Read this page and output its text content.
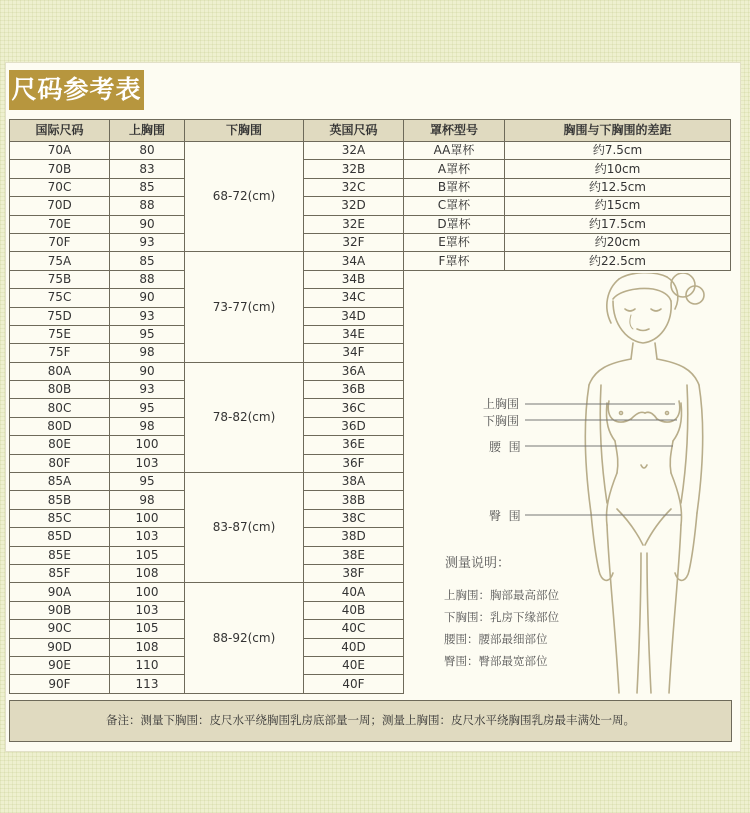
尺码参考表
国际尺码	上胸围	下胸围	英国尺码	罩杯型号	胸围与下胸围的差距
70A	80	68-72(cm)	32A	AA罩杯	约7.5cm
70B	83		32B	A罩杯	约10cm
70C	85		32C	B罩杯	约12.5cm
70D	88		32D	C罩杯	约15cm
70E	90		32E	D罩杯	约17.5cm
70F	93		32F	E罩杯	约20cm
75A	85	73-77(cm)	34A	F罩杯	约22.5cm
75B	88		34B		
75C	90		34C		
75D	93		34D		
75E	95		34E		
75F	98		34F		
80A	90	78-82(cm)	36A		
80B	93		36B		
80C	95		36C		
80D	98		36D		
80E	100		36E		
80F	103		36F		
85A	95	83-87(cm)	38A		
85B	98		38B		
85C	100		38C		
85D	103		38D		
85E	105		38E		
85F	108		38F		
90A	100	88-92(cm)	40A		
90B	103		40B		
90C	105		40C		
90D	108		40D		
90E	110		40E		
90F	113		40F		
上胸围
下胸围
腰  围
臀  围
测量说明：
上胸围：胸部最高部位
下胸围：乳房下缘部位
腰围：腰部最细部位
臀围：臀部最宽部位
备注：测量下胸围：皮尺水平绕胸围乳房底部量一周；测量上胸围：皮尺水平绕胸围乳房最丰满处一周。
